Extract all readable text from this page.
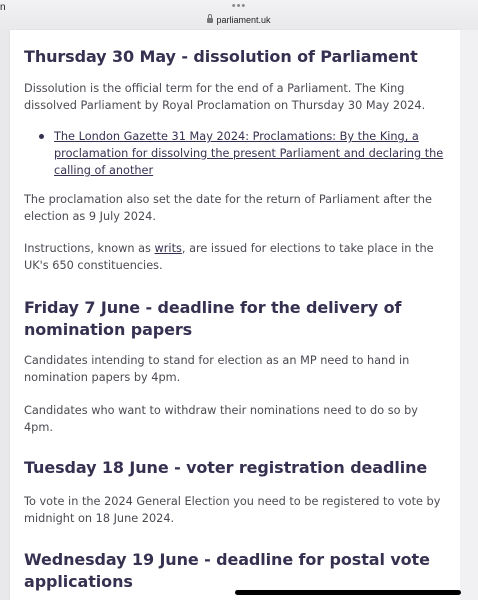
n	•••
parliament.uk
Thursday 30 May - dissolution of Parliament

Dissolution is the official term for the end of a Parliament. The King dissolved Parliament by Royal Proclamation on Thursday 30 May 2024.

The London Gazette 31 May 2024: Proclamations: By the King, a proclamation for dissolving the present Parliament and declaring the calling of another

The proclamation also set the date for the return of Parliament after the election as 9 July 2024.

Instructions, known as writs, are issued for elections to take place in the UK's 650 constituencies.

Friday 7 June - deadline for the delivery of nomination papers

Candidates intending to stand for election as an MP need to hand in nomination papers by 4pm.

Candidates who want to withdraw their nominations need to do so by 4pm.

Tuesday 18 June - voter registration deadline

To vote in the 2024 General Election you need to be registered to vote by midnight on 18 June 2024.

Wednesday 19 June - deadline for postal vote applications
